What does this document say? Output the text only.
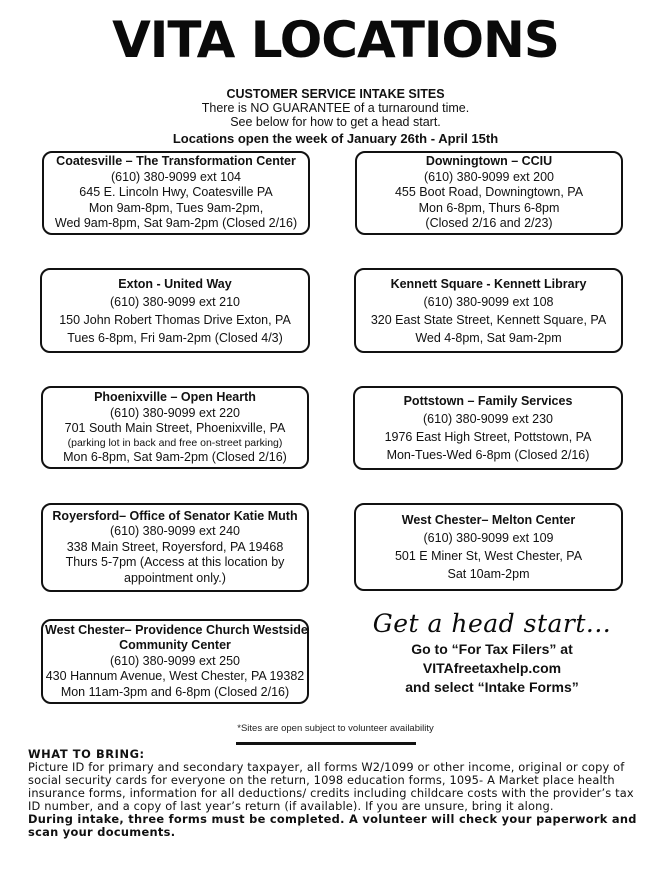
VITA LOCATIONS
CUSTOMER SERVICE INTAKE SITES
There is NO GUARANTEE of a turnaround time.
See below for how to get a head start.
Locations open the week of January 26th - April 15th
Coatesville – The Transformation Center
(610) 380-9099 ext 104
645 E. Lincoln Hwy, Coatesville PA
Mon 9am-8pm, Tues 9am-2pm,
Wed 9am-8pm, Sat 9am-2pm (Closed 2/16)
Downingtown – CCIU
(610) 380-9099 ext 200
455 Boot Road, Downingtown, PA
Mon 6-8pm, Thurs 6-8pm
(Closed 2/16 and 2/23)
Exton - United Way
(610) 380-9099 ext 210
150 John Robert Thomas Drive Exton, PA
Tues 6-8pm, Fri 9am-2pm (Closed 4/3)
Kennett Square - Kennett Library
(610) 380-9099 ext 108
320 East State Street, Kennett Square, PA
Wed 4-8pm, Sat 9am-2pm
Phoenixville – Open Hearth
(610) 380-9099 ext 220
701 South Main Street, Phoenixville, PA
(parking lot in back and free on-street parking)
Mon 6-8pm, Sat 9am-2pm (Closed 2/16)
Pottstown – Family Services
(610) 380-9099 ext 230
1976 East High Street, Pottstown, PA
Mon-Tues-Wed 6-8pm (Closed 2/16)
Royersford– Office of Senator Katie Muth
(610) 380-9099 ext 240
338 Main Street, Royersford, PA 19468
Thurs 5-7pm (Access at this location by
appointment only.)
West Chester– Melton Center
(610) 380-9099 ext 109
501 E Miner St, West Chester, PA
Sat 10am-2pm
West Chester– Providence Church Westside
Community Center
(610) 380-9099 ext 250
430 Hannum Avenue, West Chester, PA 19382
Mon 11am-3pm and 6-8pm (Closed 2/16)
Get a head start...
Go to “For Tax Filers” at
VITAfreetaxhelp.com
and select “Intake Forms”
*Sites are open subject to volunteer availability
WHAT TO BRING:
Picture ID for primary and secondary taxpayer, all forms W2/1099 or other income, original or copy of social security cards for everyone on the return, 1098 education forms, 1095- A Market place health insurance forms, information for all deductions/ credits including childcare costs with the provider’s tax ID number, and a copy of last year’s return (if available). If you are unsure, bring it along.
During intake, three forms must be completed. A volunteer will check your paperwork and scan your documents.
